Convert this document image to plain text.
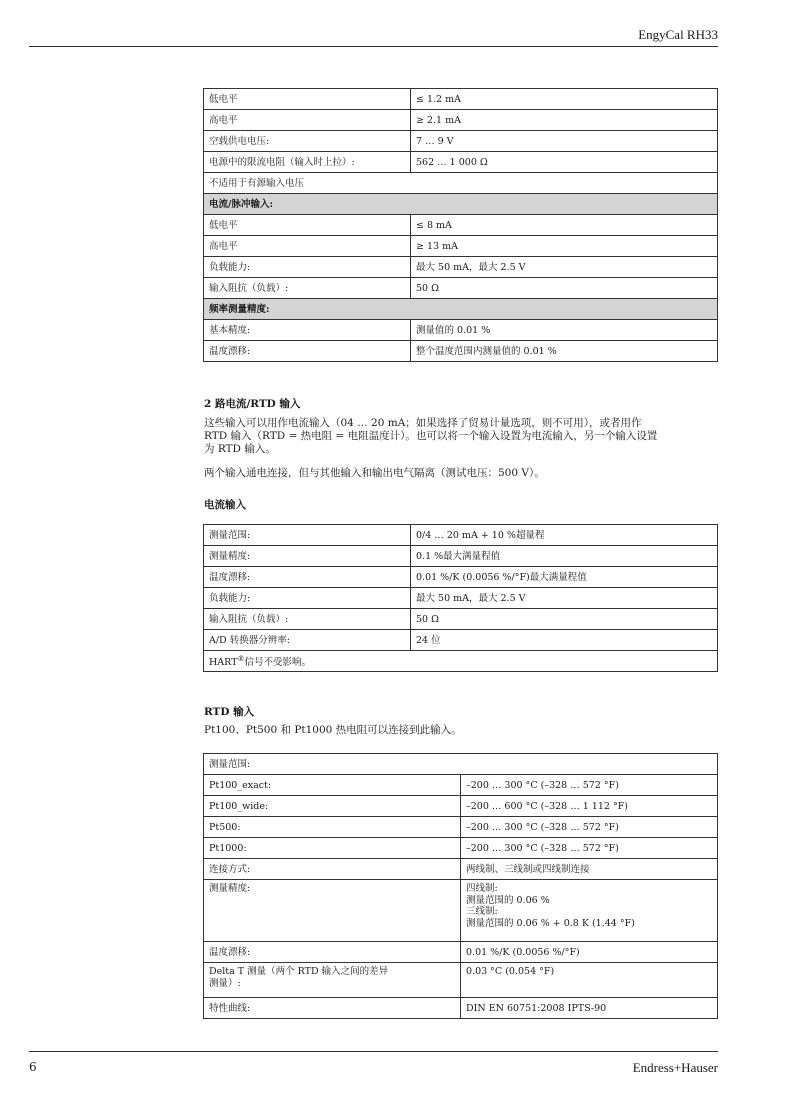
EngyCal RH33
低电平	≤ 1.2 mA
高电平	≥ 2.1 mA
空载供电电压:	7 … 9 V
电源中的限流电阻（输入时上拉）:	562 … 1 000 Ω
不适用于有源输入电压	
电流/脉冲输入:	
低电平	≤ 8 mA
高电平	≥ 13 mA
负载能力:	最大 50 mA，最大 2.5 V
输入阻抗（负载）:	50 Ω
频率测量精度:	
基本精度:	测量值的 0.01 %
温度漂移:	整个温度范围内测量值的 0.01 %
2 路电流/RTD 输入
这些输入可以用作电流输入（04 … 20 mA；如果选择了贸易计量选项，则不可用），或者用作
RTD 输入（RTD = 热电阻 = 电阻温度计）。也可以将一个输入设置为电流输入，另一个输入设置
为 RTD 输入。
两个输入通电连接，但与其他输入和输出电气隔离（测试电压：500 V）。
电流输入
测量范围:	0/4 … 20 mA + 10 %超量程
测量精度:	0.1 %最大满量程值
温度漂移:	0.01 %/K (0.0056 %/°F)最大满量程值
负载能力:	最大 50 mA，最大 2.5 V
输入阻抗（负载）:	50 Ω
A/D 转换器分辨率:	24 位
HART®信号不受影响。	
RTD 输入
Pt100、Pt500 和 Pt1000 热电阻可以连接到此输入。
测量范围:	
Pt100_exact:	–200 … 300 °C (–328 … 572 °F)
Pt100_wide:	–200 … 600 °C (–328 … 1 112 °F)
Pt500:	–200 … 300 °C (–328 … 572 °F)
Pt1000:	–200 … 300 °C (–328 … 572 °F)
连接方式:	两线制、三线制或四线制连接
测量精度:	四线制:
测量范围的 0.06 %
三线制:
测量范围的 0.06 % + 0.8 K (1.44 °F)

温度漂移:	0.01 %/K (0.0056 %/°F)

Delta T 测量（两个 RTD 输入之间的差异
测量）:	0.03 °C (0.054 °F)
特性曲线:	DIN EN 60751:2008 IPTS-90
6	Endress+Hauser
